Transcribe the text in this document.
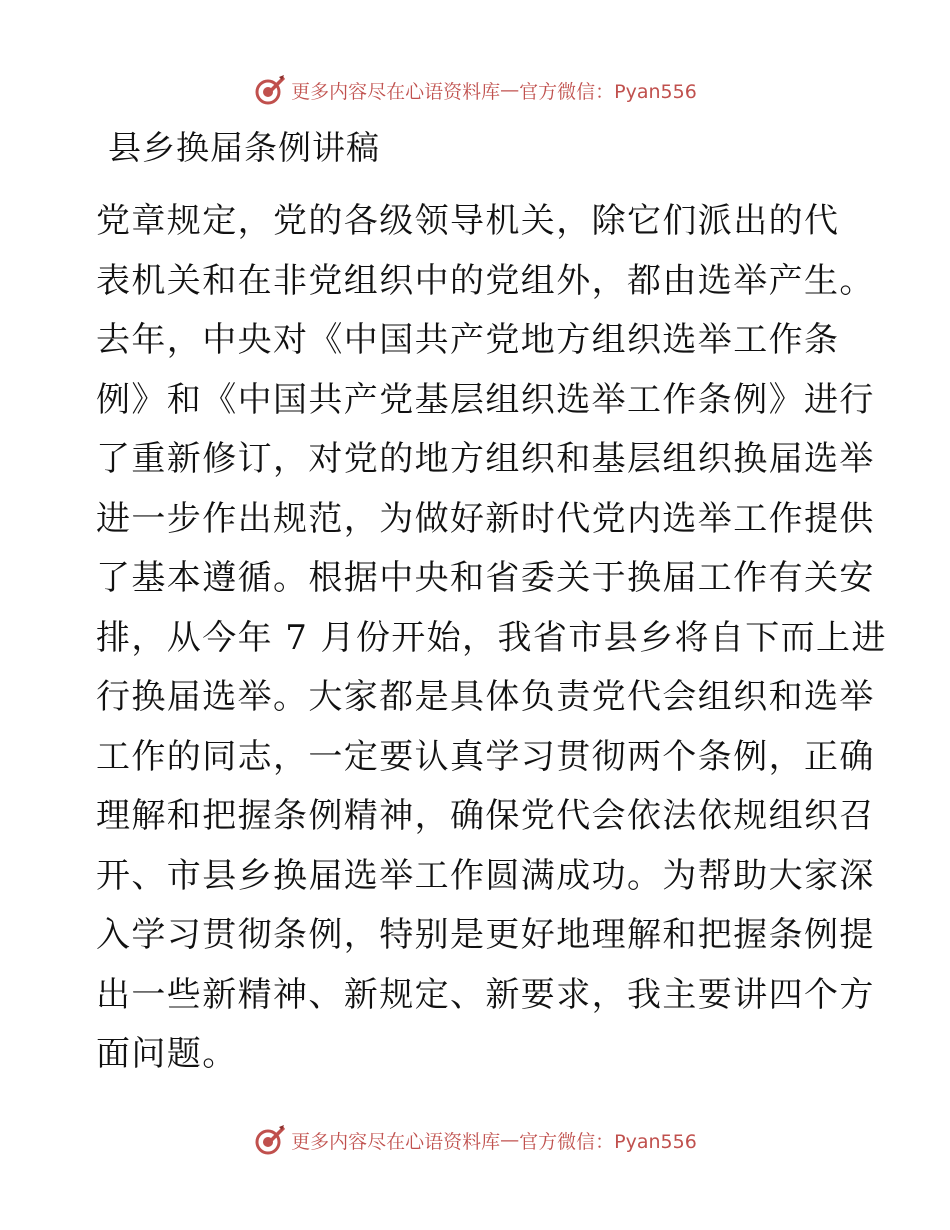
更多内容尽在心语资料库 — 官方微信：Pyan556
县乡换届条例讲稿
党章规定，党的各级领导机关，除它们派出的代
表机关和在非党组织中的党组外，都由选举产生。
去年，中央对《中国共产党地方组织选举工作条
例》和《中国共产党基层组织选举工作条例》进行
了重新修订，对党的地方组织和基层组织换届选举
进一步作出规范，为做好新时代党内选举工作提供
了基本遵循。根据中央和省委关于换届工作有关安
排，从今年 7 月份开始，我省市县乡将自下而上进
行换届选举。大家都是具体负责党代会组织和选举
工作的同志，一定要认真学习贯彻两个条例，正确
理解和把握条例精神，确保党代会依法依规组织召
开、市县乡换届选举工作圆满成功。为帮助大家深
入学习贯彻条例，特别是更好地理解和把握条例提
出一些新精神、新规定、新要求，我主要讲四个方
面问题。
更多内容尽在心语资料库 — 官方微信：Pyan556
